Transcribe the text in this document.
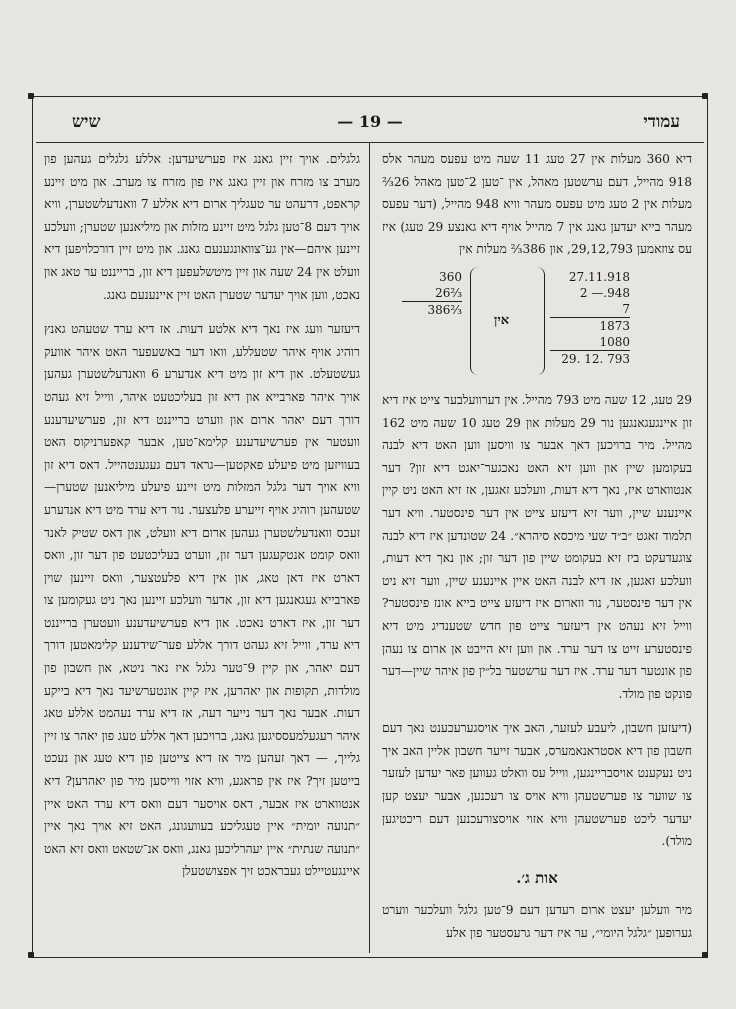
עמודי
— 19 —
שיש

דיא 360 מעלות אין 27 טעג 11 שעה מיט עפעס מעהר אלס 918 מהייל, דעם ערשטען מאהל, אין ־טען 2־טען מאהל 26⅔ מעלות אין 2 טעג מיט עפעס מעהר וויא 948 מהייל, (דער עפעס מעהר בייא יעדען גאנג אין 7 מהייל אויף דיא גאנצע 29 טעג) איז עס צוזאמען 29,12,793, און 386⅔ מעלות אין

360
26⅔

386⅔
אין
27.11.918
2 —.948
7

1873
1080

29. 12. 793

29 טעג, 12 שעה מיט 793 מהייל. אין דערוועלבער צייט איז דיא זון איינגעגאנגען נור 29 מעלות און 29 טעג 10 שעה מיט 162 מהייל. מיר ברויכען דאך אבער צו וויסען ווען האט דיא לבנה בעקומען שיין און ווען זיא האט נאכגער־יאגט דיא זון? דער אנטווארט איז, נאך דיא דעות, וועלכע זאגען, אז זיא האט ניט קיין איינענע שיין, ווער זיא דיעזע צייט אין דער פינסטער. וויא דער תלמוד זאגט ״ב״ד שעי מיכסא סיהרא״. 24 שטונדען איז דיא לבנה צוגעדעקט ביז זיא בעקומט שיין פון דער זון; און נאך דיא דעות, וועלכע זאגען, אז דיא לבנה האט איין איינענע שיין, ווער זיא ניט אין דער פינסטער, נור ווארום איז דיעזע צייט בייא אונז פינסטער? ווייל זיא נעהט אין דיעזער צייט פון חדש שטענדיג מיט דיא פינסטערע זייט צו דער ערד. און ווען זיא הייבט אן ארום צו נעהן פון אונטער דער ערד. איז דער ערשטער בל״ין פון איהר שיין—דער פונקט פון מולד.

(דיעזען חשבון, ליעבע לעזער, האב איך אויסגערעכענט נאך דעם חשבון פון דיא אסטראנאמערס, אבער זייער חשבון אליין האב איך ניט נעקענט אויסבריינגען, ווייל עס וואלט געווען פאר יעדען לעזער צו שווער צו פערשטעהן וויא אויס צו רעכנען, אבער יעצט קען יעדער ליכט פערשטעהן וויא אזוי אויסצורעכנען דעם ריכטיגען מולד).

אות ג׳.

מיר וועלען יעצט ארום רעדען דעם 9־טען גלגל וועלכער ווערט גערופען ״גלגל היומי״, ער איז דער גרעסטער פון אלע

גלגלים. אויך זיין גאנג איז פערשיעדען: אללע גלגלים געהען פון מערב צו מזרח און זיין גאנג איז פון מזרח צו מערב. און מיט זיינע קראפט, דרעהט ער טעגליך ארום דיא אללע 7 וואנדעלשטערן, וויא אויך דעם 8־טען גלגל מיט זיינע מזלות און מיליאנען שטערן; וועלכע זיינען איהם—אין גע־צוואונגענעם גאנג. און מיט זיין דורכלויפען דיא וועלט אין 24 שעה און זיין מיטשלעפען דיא זון, ברייננט ער טאג און נאכט, ווען אויך יעדער שטערן האט זיין איינענעם גאנג.

דיעזער וועג איז נאך דיא אלטע דעות. אז דיא ערד שטעהט גאנץ רוהיג אויף איהר שטעללע, וואו דער באשעפער האט איהר אוועק געשטעלט. און דיא זון מיט דיא אנדערע 6 וואנדעלשטערן געהען אויך איהר פארבייא און דיא זון בעליכטעט איהר, ווייל זיא געהט דורך דעם יאהר ארום און ווערט ברייננט דיא זון, פערשיעדענע וועטער אין פערשיעדענע קלימא־טען, אבער קאפערניקוס האט בעוויזען מיט פיעלע פאקטען—גראד דעם געגענטהייל. דאס דיא זון וויא אויך דער גלגל המזלות מיט זיינע פיעלע מיליאנען שטערן—שטעהען רוהיג אויף זייערע פלעצער. נור דיא ערד מיט דיא אנדערע זעכס וואנדעלשטערן געהען ארום דיא וועלט, און דאס שטיק לאנד וואס קומט אנטקעגען דער זון, ווערט בעליכטעט פון דער זון, וואס דארט איז דאן טאג, און אין דיא פלעטצער, וואס זיינען שוין פארבייא געגאנגען דיא זון, אדער וועלכע זיינען נאך ניט געקומען צו דער זון, איז דארט נאכט. און דיא פערשיעדענע וועטערן ברייננט דיא ערד, ווייל זיא געהט דורך אללע פער־שידענע קלימאטען דורך דעם יאהר, און קיין 9־טער גלגל איז נאר ניטא, און חשבון פון מולדות, תקופות און יאהרען, איז קיין אונטערשיעד נאך דיא בייקע דעות. אבער נאך דער נייער דעה, אז דיא ערד נעהמט אללע טאג איהר רעגעלמעססיגען גאנג, ברויכען דאך אללע טעג פון יאהר צו זיין גלייך, — דאך זעהען מיר אז דיא צייטען פון דיא טעג און נעכט בייטען זיך? איז אין פראגע, וויא אזוי ווייסען מיר פון יאהרען? דיא אנטווארט איז אבער, דאס אויסער דעם וואס דיא ערד האט איין ״תנועה יומית״ איין טעגליכע בעוועגונג, האט זיא אויך נאך איין ״תנועה שנתית״ איין יעהרליכען גאנג, וואס אנ־שטאט וואס זיא האט איינגעטיילט געבראכט זיך אפצושטעלן
